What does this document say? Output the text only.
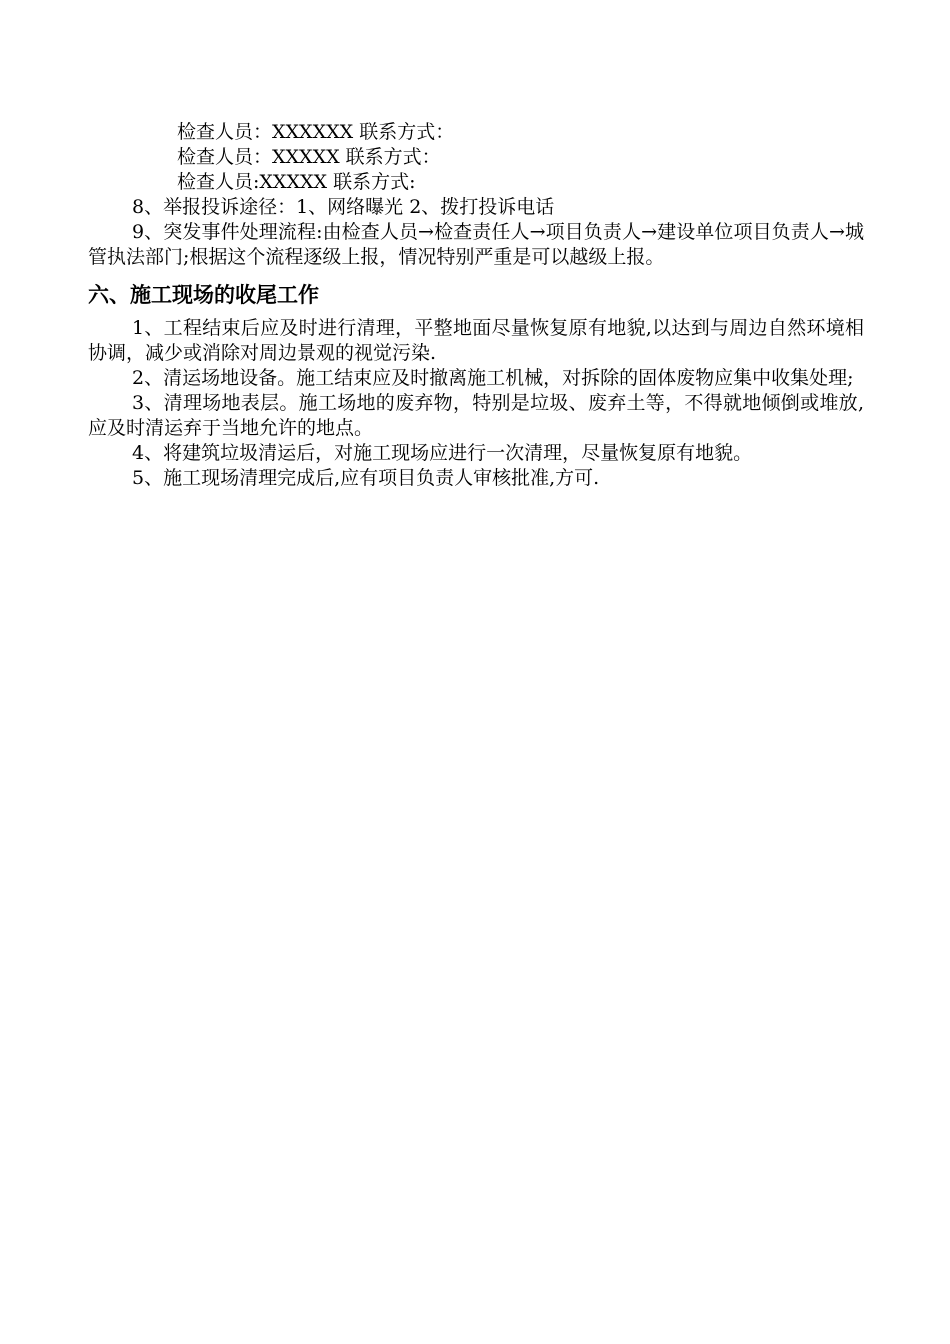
检查人员：XXXXXX 联系方式：
检查人员：XXXXX 联系方式：
检查人员:XXXXX 联系方式:

8、举报投诉途径：1、网络曝光 2、拨打投诉电话

9、突发事件处理流程:由检查人员→检查责任人→项目负责人→建设单位项目负责人→城管执法部门;根据这个流程逐级上报，情况特别严重是可以越级上报。

六、施工现场的收尾工作

1、工程结束后应及时进行清理，平整地面尽量恢复原有地貌,以达到与周边自然环境相协调，减少或消除对周边景观的视觉污染.

2、清运场地设备。施工结束应及时撤离施工机械，对拆除的固体废物应集中收集处理;

3、清理场地表层。施工场地的废弃物，特别是垃圾、废弃土等，不得就地倾倒或堆放,应及时清运弃于当地允许的地点。

4、将建筑垃圾清运后，对施工现场应进行一次清理，尽量恢复原有地貌。

5、施工现场清理完成后,应有项目负责人审核批准,方可.
